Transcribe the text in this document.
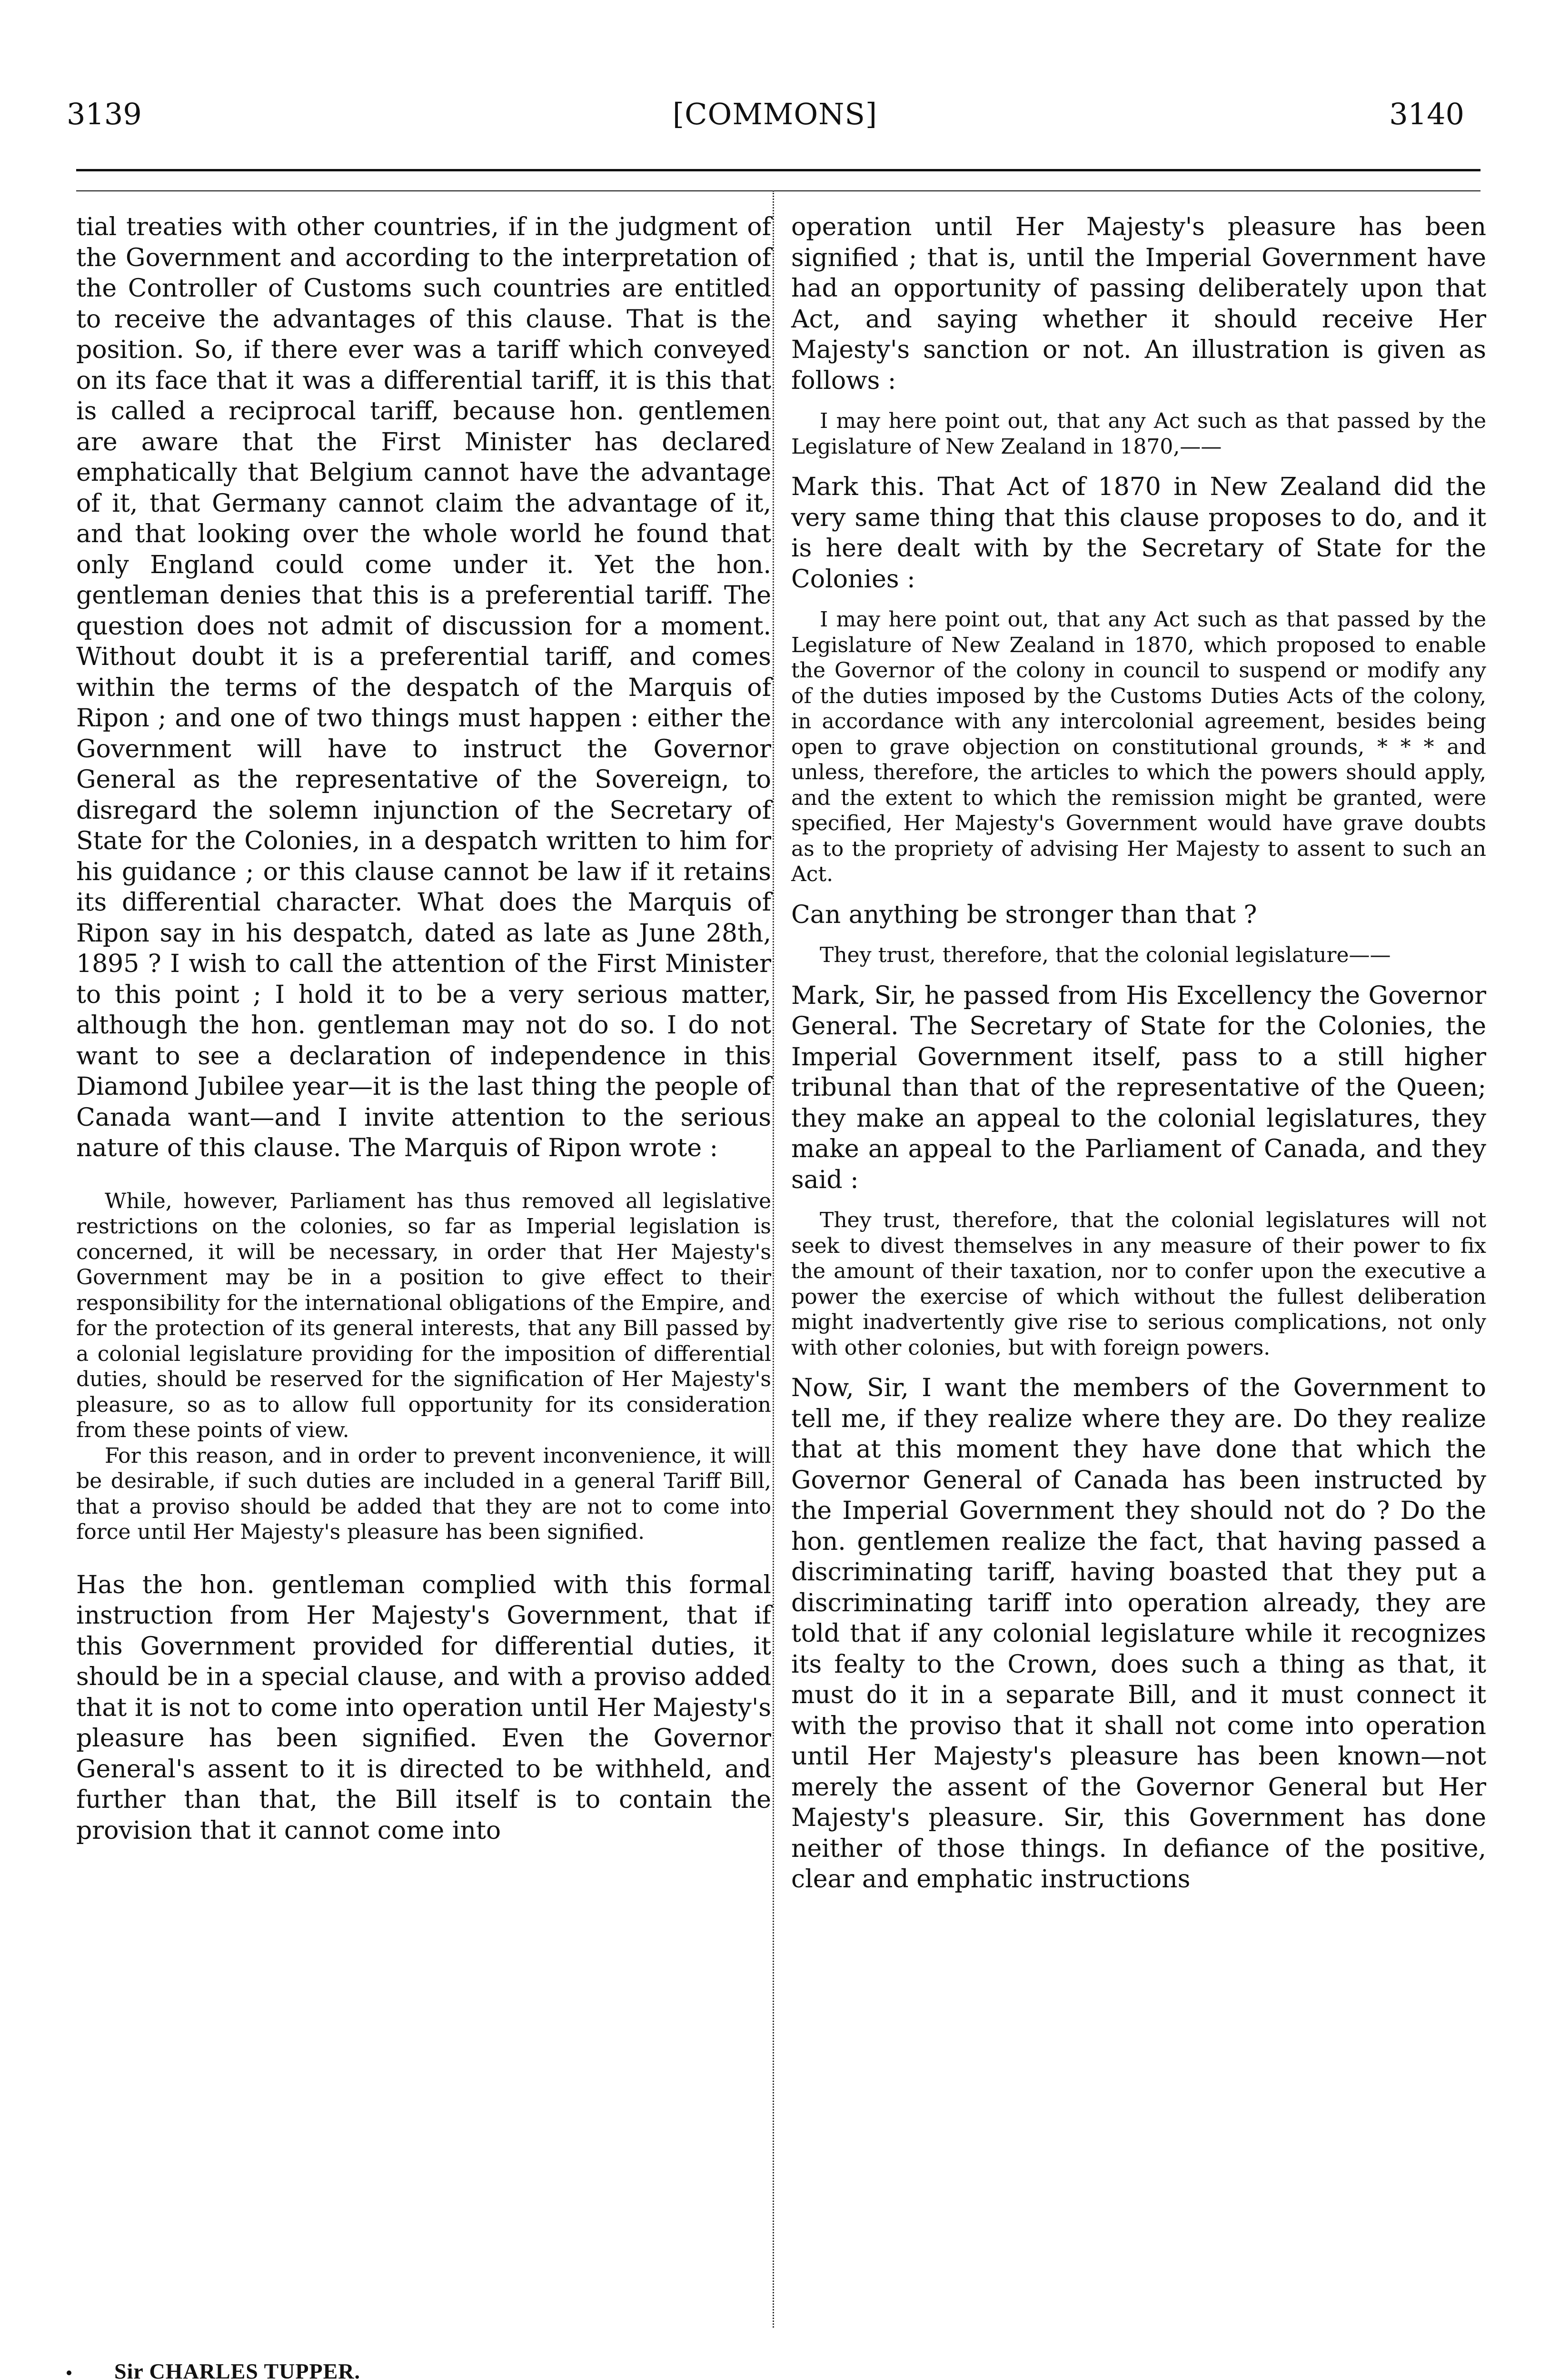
3139	[COMMONS]	3140

tial treaties with other countries, if in the judgment of the Government and according to the interpretation of the Controller of Customs such countries are entitled to receive the advantages of this clause. That is the position. So, if there ever was a tariff which conveyed on its face that it was a differential tariff, it is this that is called a reciprocal tariff, because hon. gentlemen are aware that the First Minister has declared emphatically that Belgium cannot have the advantage of it, that Germany cannot claim the advantage of it, and that looking over the whole world he found that only England could come under it. Yet the hon. gentleman denies that this is a preferential tariff. The question does not admit of discussion for a moment. Without doubt it is a preferential tariff, and comes within the terms of the despatch of the Marquis of Ripon ; and one of two things must happen : either the Government will have to instruct the Governor General as the representative of the Sovereign, to disregard the solemn injunction of the Secretary of State for the Colonies, in a despatch written to him for his guidance ; or this clause cannot be law if it retains its differential character. What does the Marquis of Ripon say in his despatch, dated as late as June 28th, 1895 ? I wish to call the attention of the First Minister to this point ; I hold it to be a very serious matter, although the hon. gentleman may not do so. I do not want to see a declaration of independence in this Diamond Jubilee year—it is the last thing the people of Canada want—and I invite attention to the serious nature of this clause. The Marquis of Ripon wrote :

While, however, Parliament has thus removed all legislative restrictions on the colonies, so far as Imperial legislation is concerned, it will be necessary, in order that Her Majesty's Government may be in a position to give effect to their responsibility for the international obligations of the Empire, and for the protection of its general interests, that any Bill passed by a colonial legislature providing for the imposition of differential duties, should be reserved for the signification of Her Majesty's pleasure, so as to allow full opportunity for its consideration from these points of view.

For this reason, and in order to prevent inconvenience, it will be desirable, if such duties are included in a general Tariff Bill, that a proviso should be added that they are not to come into force until Her Majesty's pleasure has been signified.

Has the hon. gentleman complied with this formal instruction from Her Majesty's Government, that if this Government provided for differential duties, it should be in a special clause, and with a proviso added that it is not to come into operation until Her Majesty's pleasure has been signified. Even the Governor General's assent to it is directed to be withheld, and further than that, the Bill itself is to contain the provision that it cannot come into

operation until Her Majesty's pleasure has been signified ; that is, until the Imperial Government have had an opportunity of passing deliberately upon that Act, and saying whether it should receive Her Majesty's sanction or not. An illustration is given as follows :

I may here point out, that any Act such as that passed by the Legislature of New Zealand in 1870,——

Mark this. That Act of 1870 in New Zealand did the very same thing that this clause proposes to do, and it is here dealt with by the Secretary of State for the Colonies :

I may here point out, that any Act such as that passed by the Legislature of New Zealand in 1870, which proposed to enable the Governor of the colony in council to suspend or modify any of the duties imposed by the Customs Duties Acts of the colony, in accordance with any intercolonial agreement, besides being open to grave objection on constitutional grounds, * * * and unless, therefore, the articles to which the powers should apply, and the extent to which the remission might be granted, were specified, Her Majesty's Government would have grave doubts as to the propriety of advising Her Majesty to assent to such an Act.

Can anything be stronger than that ?

They trust, therefore, that the colonial legislature——

Mark, Sir, he passed from His Excellency the Governor General. The Secretary of State for the Colonies, the Imperial Government itself, pass to a still higher tribunal than that of the representative of the Queen; they make an appeal to the colonial legislatures, they make an appeal to the Parliament of Canada, and they said :

They trust, therefore, that the colonial legislatures will not seek to divest themselves in any measure of their power to fix the amount of their taxation, nor to confer upon the executive a power the exercise of which without the fullest deliberation might inadvertently give rise to serious complications, not only with other colonies, but with foreign powers.

Now, Sir, I want the members of the Government to tell me, if they realize where they are. Do they realize that at this moment they have done that which the Governor General of Canada has been instructed by the Imperial Government they should not do ? Do the hon. gentlemen realize the fact, that having passed a discriminating tariff, having boasted that they put a discriminating tariff into operation already, they are told that if any colonial legislature while it recognizes its fealty to the Crown, does such a thing as that, it must do it in a separate Bill, and it must connect it with the proviso that it shall not come into operation until Her Majesty's pleasure has been known—not merely the assent of the Governor General but Her Majesty's pleasure. Sir, this Government has done neither of those things. In defiance of the positive, clear and emphatic instructions

Sir CHARLES TUPPER.
